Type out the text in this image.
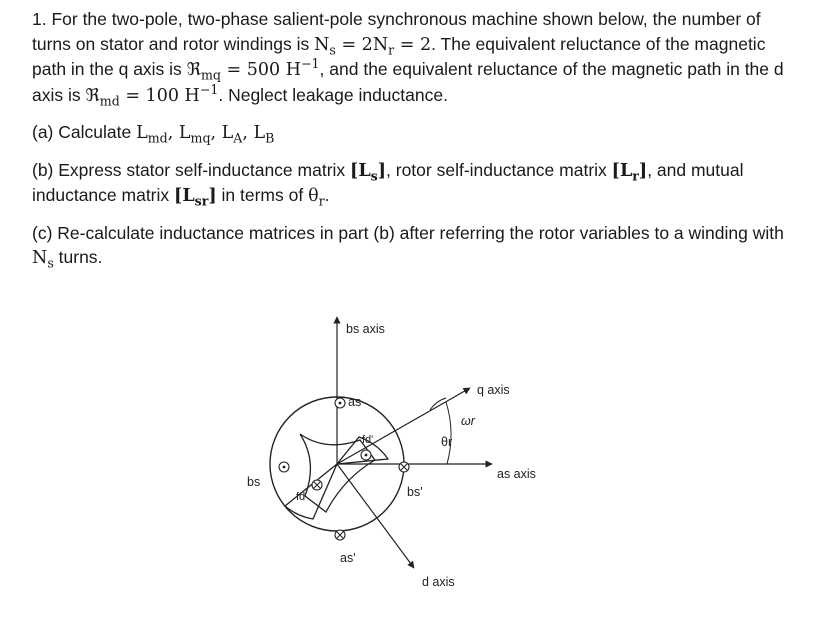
1. For the two-pole, two-phase salient-pole synchronous machine shown below, the number of turns on stator and rotor windings is $N_s = 2N_r = 2$. The equivalent reluctance of the magnetic path in the q axis is ℜ$_{mq}$ = 500 $H^{-1}$, and the equivalent reluctance of the magnetic path in the d axis is ℜ$_{md}$ = 100 $H^{-1}$. Neglect leakage inductance.

(a) Calculate $L_{md}$, $L_{mq}$, $L_A$, $L_B$

(b) Express stator self-inductance matrix $[L_s]$, rotor self-inductance matrix $[L_r]$, and mutual inductance matrix $[L_{sr}]$ in terms of $\theta_r$.

(c) Re-calculate inductance matrices in part (b) after referring the rotor variables to a winding with $N_s$ turns.

bs axis
q axis
as axis
d axis
as
as'
bs
bs'
fd
fd'
ωr
θr
